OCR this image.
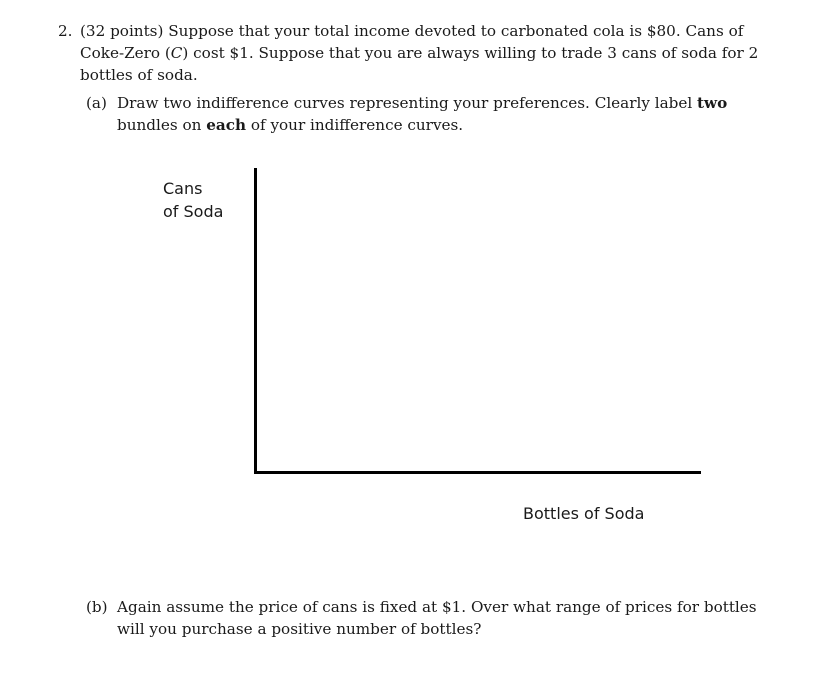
2. (32 points) Suppose that your total income devoted to carbonated cola is $80. Cans of Coke-Zero (C) cost $1. Suppose that you are always willing to trade 3 cans of soda for 2 bottles of soda.
(a) Draw two indifference curves representing your preferences. Clearly label two bundles on each of your indifference curves.
Cans
of Soda
Bottles of Soda
(b) Again assume the price of cans is fixed at $1. Over what range of prices for bottles will you purchase a positive number of bottles?
